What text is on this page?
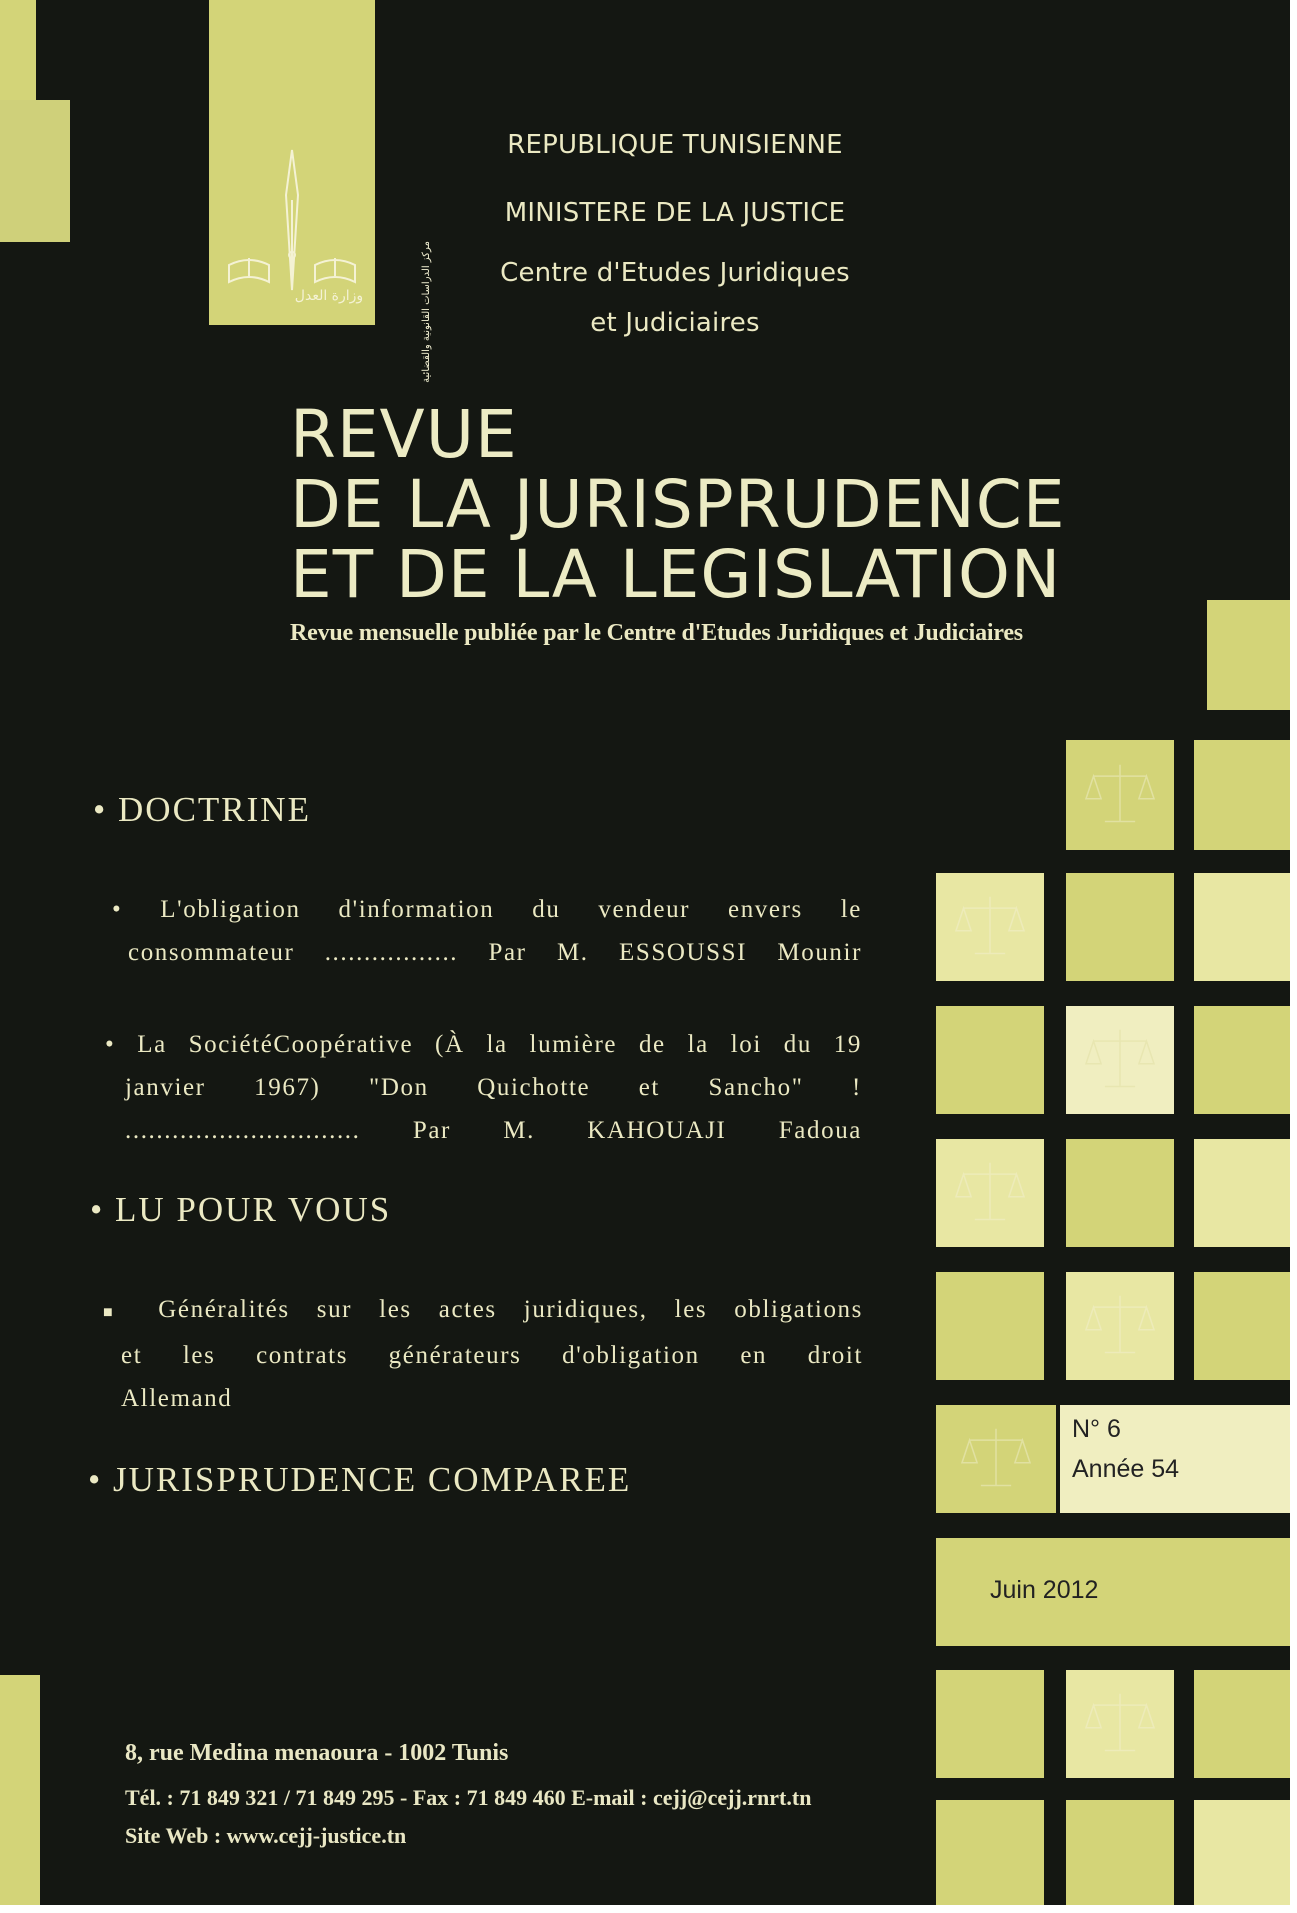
وزارة العدل	مركز الدراسات القانونية والقضائية
REPUBLIQUE TUNISIENNE
MINISTERE DE LA JUSTICE
Centre d'Etudes Juridiques
et Judiciaires
REVUE
DE LA JURISPRUDENCE
ET DE LA LEGISLATION
Revue mensuelle publiée par le Centre d'Etudes Juridiques et Judiciaires
• DOCTRINE
• L'obligation d'information du vendeur envers le
consommateur ................. Par M. ESSOUSSI Mounir
• La SociétéCoopérative (À la lumière de la loi du 19
janvier 1967) "Don Quichotte et Sancho" !
.............................. Par M. KAHOUAJI Fadoua
• LU POUR VOUS
■ Généralités sur les actes juridiques, les obligations
et les contrats générateurs d'obligation en droit
Allemand
• JURISPRUDENCE COMPAREE
N° 6
Année 54
Juin 2012
8, rue Medina menaoura - 1002 Tunis
Tél. : 71 849 321 / 71 849 295 - Fax : 71 849 460 E-mail : cejj@cejj.rnrt.tn
Site Web : www.cejj-justice.tn
